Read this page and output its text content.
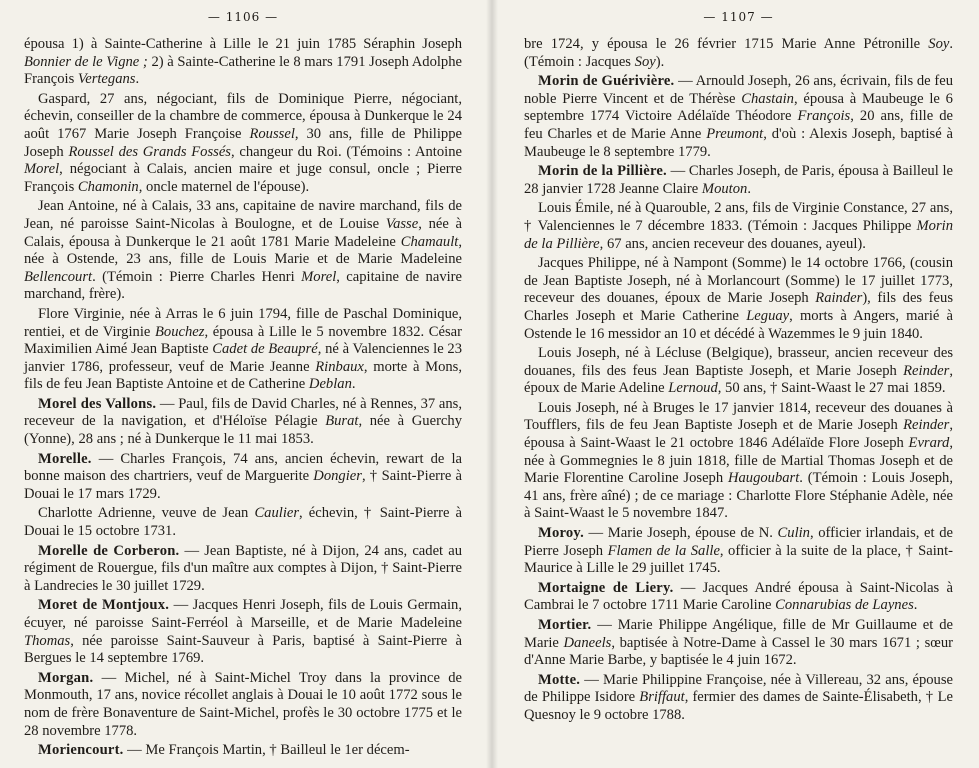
— 1106 —

épousa 1) à Sainte-Catherine à Lille le 21 juin 1785 Séraphin Joseph Bonnier de le Vigne ; 2) à Sainte-Catherine le 8 mars 1791 Joseph Adolphe François Vertegans.

Gaspard, 27 ans, négociant, fils de Dominique Pierre, négociant, échevin, conseiller de la chambre de commerce, épousa à Dunkerque le 24 août 1767 Marie Joseph Françoise Roussel, 30 ans, fille de Philippe Joseph Roussel des Grands Fossés, changeur du Roi. (Témoins : Antoine Morel, négociant à Calais, ancien maire et juge consul, oncle ; Pierre François Chamonin, oncle maternel de l'épouse).

Jean Antoine, né à Calais, 33 ans, capitaine de navire marchand, fils de Jean, né paroisse Saint-Nicolas à Boulogne, et de Louise Vasse, née à Calais, épousa à Dunkerque le 21 août 1781 Marie Madeleine Chamault, née à Ostende, 23 ans, fille de Louis Marie et de Marie Madeleine Bellencourt. (Témoin : Pierre Charles Henri Morel, capitaine de navire marchand, frère).

Flore Virginie, née à Arras le 6 juin 1794, fille de Paschal Dominique, rentiei, et de Virginie Bouchez, épousa à Lille le 5 novembre 1832. César Maximilien Aimé Jean Baptiste Cadet de Beaupré, né à Valenciennes le 23 janvier 1786, professeur, veuf de Marie Jeanne Rinbaux, morte à Mons, fils de feu Jean Baptiste Antoine et de Catherine Deblan.

Morel des Vallons. — Paul, fils de David Charles, né à Rennes, 37 ans, receveur de la navigation, et d'Héloïse Pélagie Burat, née à Guerchy (Yonne), 28 ans ; né à Dunkerque le 11 mai 1853.

Morelle. — Charles François, 74 ans, ancien échevin, rewart de la bonne maison des chartriers, veuf de Marguerite Dongier, † Saint-Pierre à Douai le 17 mars 1729.

Charlotte Adrienne, veuve de Jean Caulier, échevin, † Saint-Pierre à Douai le 15 octobre 1731.

Morelle de Corberon. — Jean Baptiste, né à Dijon, 24 ans, cadet au régiment de Rouergue, fils d'un maître aux comptes à Dijon, † Saint-Pierre à Landrecies le 30 juillet 1729.

Moret de Montjoux. — Jacques Henri Joseph, fils de Louis Germain, écuyer, né paroisse Saint-Ferréol à Marseille, et de Marie Madeleine Thomas, née paroisse Saint-Sauveur à Paris, baptisé à Saint-Pierre à Bergues le 14 septembre 1769.

Morgan. — Michel, né à Saint-Michel Troy dans la province de Monmouth, 17 ans, novice récollet anglais à Douai le 10 août 1772 sous le nom de frère Bonaventure de Saint-Michel, profès le 30 octobre 1775 et le 28 novembre 1778.

Moriencourt. — Me François Martin, † Bailleul le 1er décem-

— 1107 —

bre 1724, y épousa le 26 février 1715 Marie Anne Pétronille Soy. (Témoin : Jacques Soy).

Morin de Guérivière. — Arnould Joseph, 26 ans, écrivain, fils de feu noble Pierre Vincent et de Thérèse Chastain, épousa à Maubeuge le 6 septembre 1774 Victoire Adélaïde Théodore François, 20 ans, fille de feu Charles et de Marie Anne Preumont, d'où : Alexis Joseph, baptisé à Maubeuge le 8 septembre 1779.

Morin de la Pillière. — Charles Joseph, de Paris, épousa à Bailleul le 28 janvier 1728 Jeanne Claire Mouton.

Louis Émile, né à Quarouble, 2 ans, fils de Virginie Constance, 27 ans, † Valenciennes le 7 décembre 1833. (Témoin : Jacques Philippe Morin de la Pillière, 67 ans, ancien receveur des douanes, ayeul).

Jacques Philippe, né à Nampont (Somme) le 14 octobre 1766, (cousin de Jean Baptiste Joseph, né à Morlancourt (Somme) le 17 juillet 1773, receveur des douanes, époux de Marie Joseph Rainder), fils des feus Charles Joseph et Marie Catherine Leguay, morts à Angers, marié à Ostende le 16 messidor an 10 et décédé à Wazemmes le 9 juin 1840.

Louis Joseph, né à Lécluse (Belgique), brasseur, ancien receveur des douanes, fils des feus Jean Baptiste Joseph, et Marie Joseph Reinder, époux de Marie Adeline Lernoud, 50 ans, † Saint-Waast le 27 mai 1859.

Louis Joseph, né à Bruges le 17 janvier 1814, receveur des douanes à Toufflers, fils de feu Jean Baptiste Joseph et de Marie Joseph Reinder, épousa à Saint-Waast le 21 octobre 1846 Adélaïde Flore Joseph Evrard, née à Gommegnies le 8 juin 1818, fille de Martial Thomas Joseph et de Marie Florentine Caroline Joseph Haugoubart. (Témoin : Louis Joseph, 41 ans, frère aîné) ; de ce mariage : Charlotte Flore Stéphanie Adèle, née à Saint-Waast le 5 novembre 1847.

Moroy. — Marie Joseph, épouse de N. Culin, officier irlandais, et de Pierre Joseph Flamen de la Salle, officier à la suite de la place, † Saint-Maurice à Lille le 29 juillet 1745.

Mortaigne de Liery. — Jacques André épousa à Saint-Nicolas à Cambrai le 7 octobre 1711 Marie Caroline Connarubias de Laynes.

Mortier. — Marie Philippe Angélique, fille de Mr Guillaume et de Marie Daneels, baptisée à Notre-Dame à Cassel le 30 mars 1671 ; sœur d'Anne Marie Barbe, y baptisée le 4 juin 1672.

Motte. — Marie Philippine Françoise, née à Villereau, 32 ans, épouse de Philippe Isidore Briffaut, fermier des dames de Sainte-Élisabeth, † Le Quesnoy le 9 octobre 1788.
